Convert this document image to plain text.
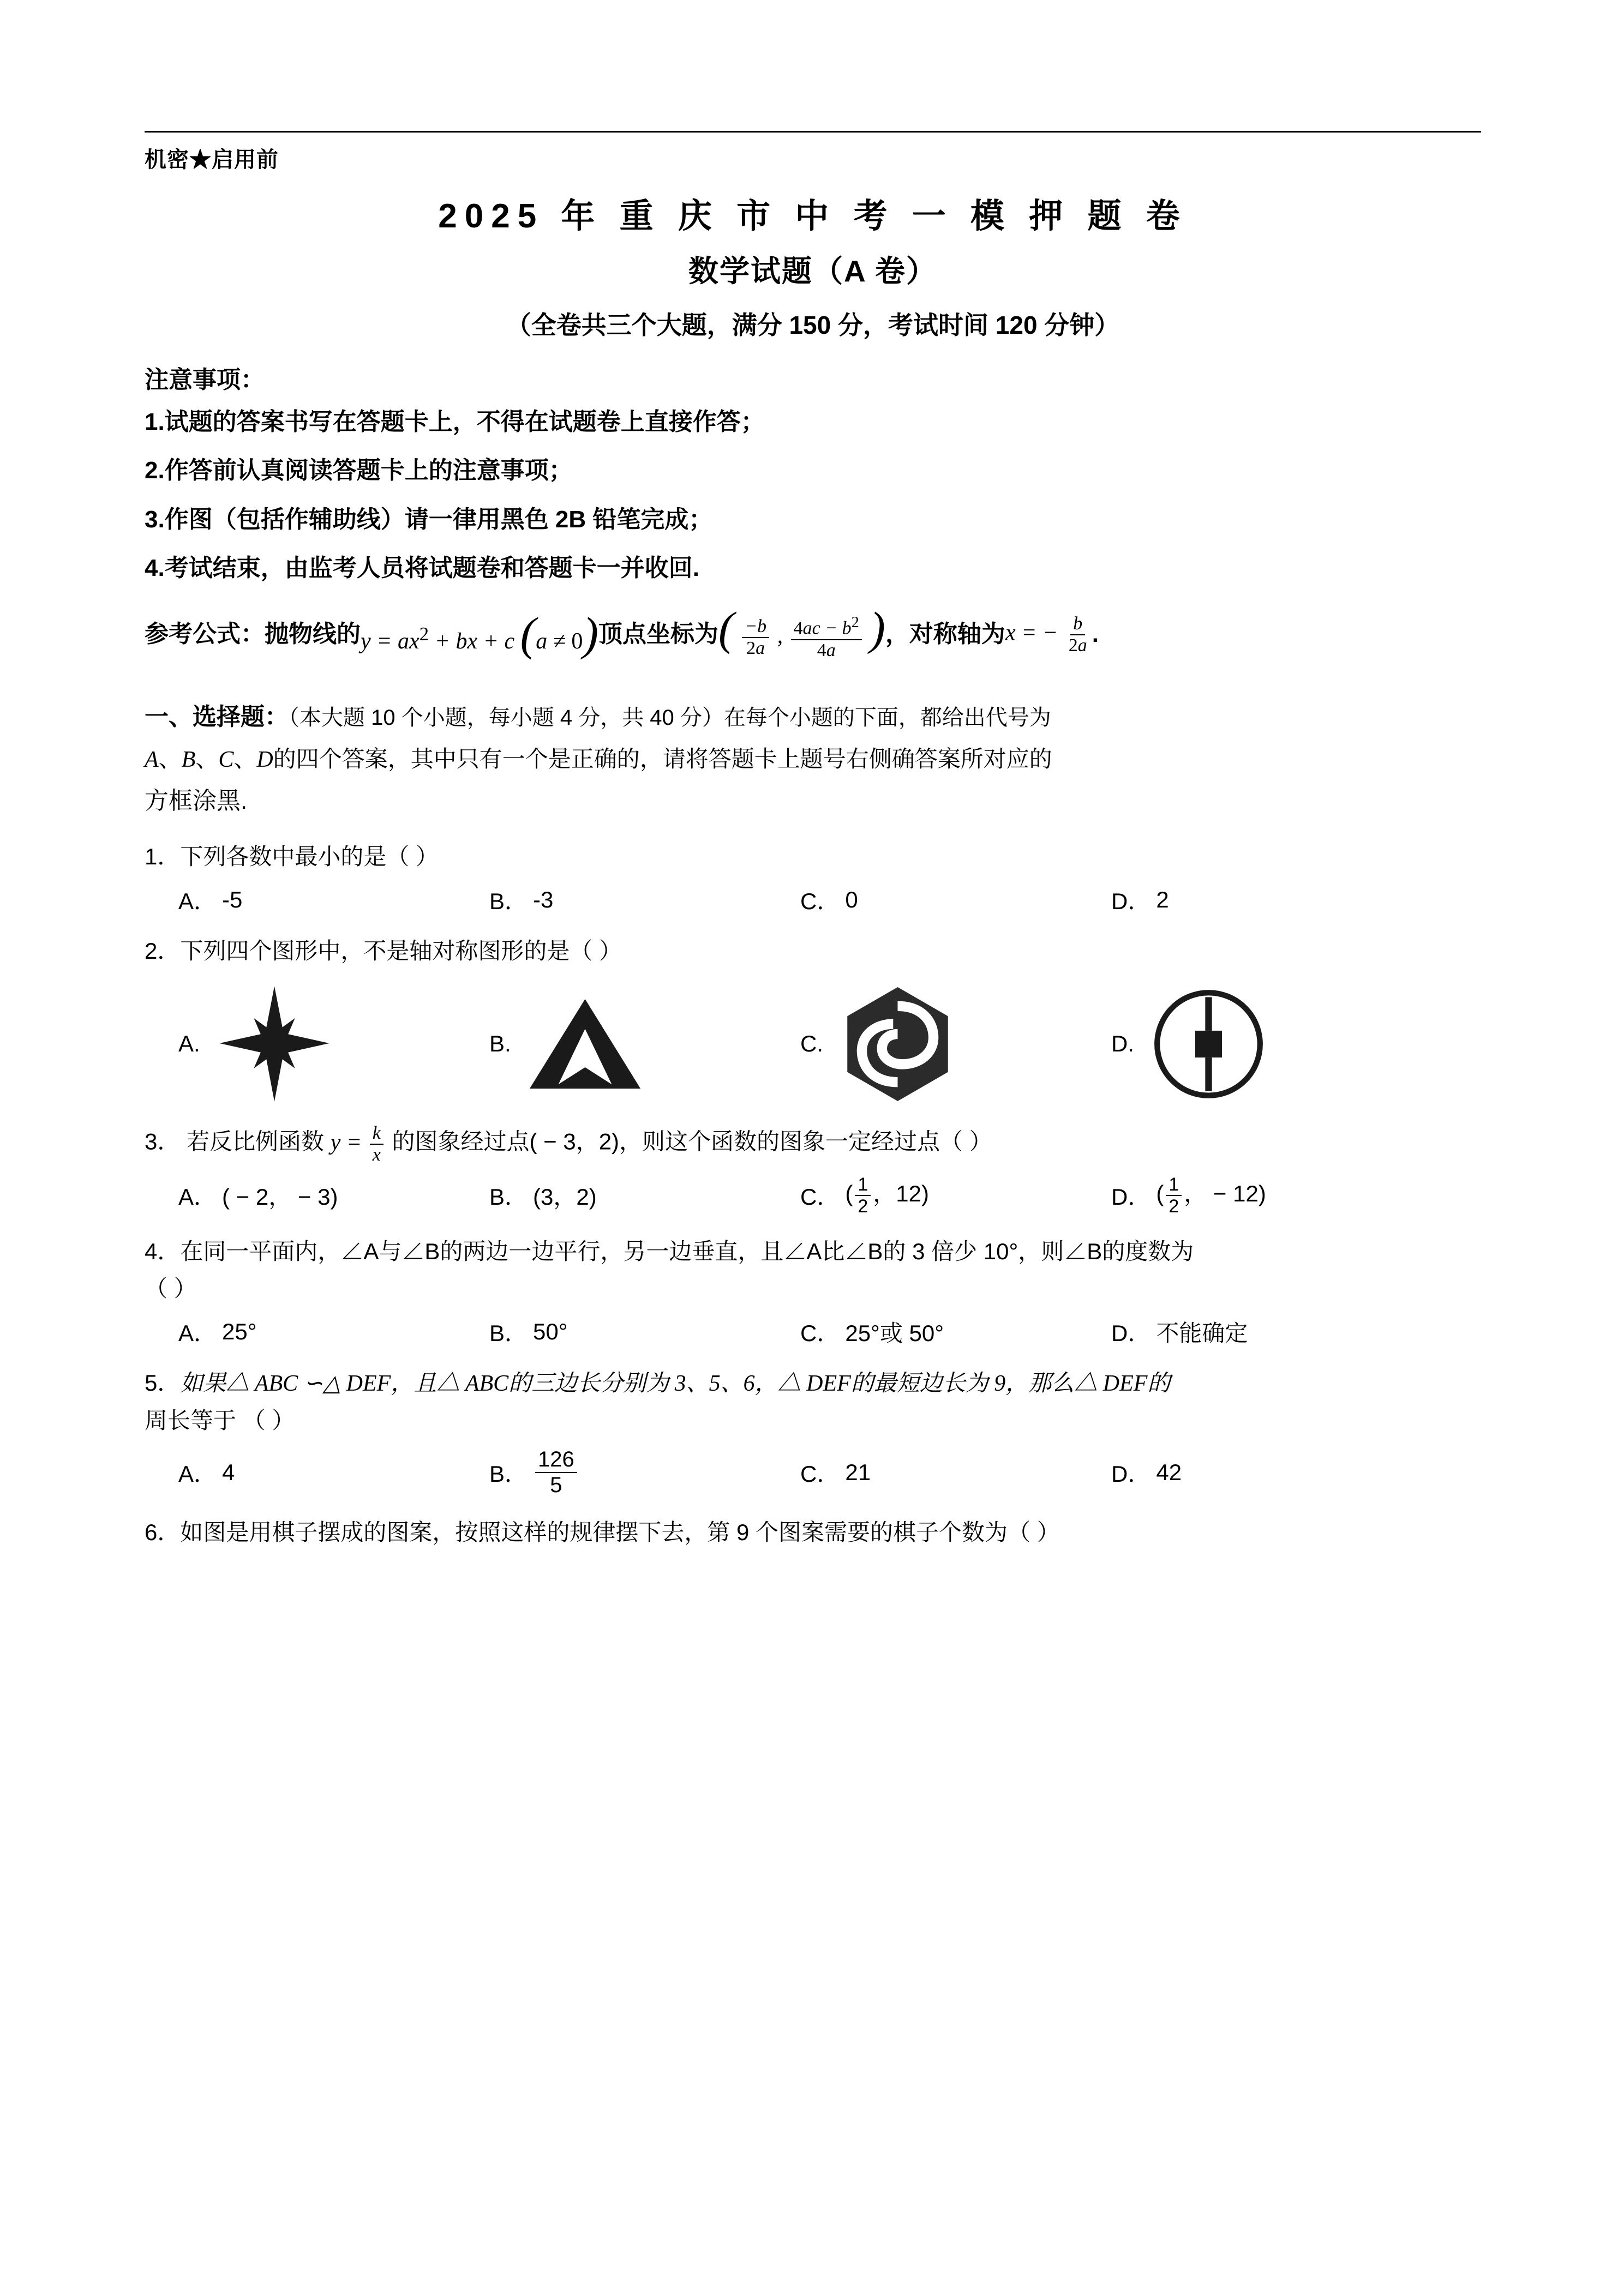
机密★启用前
2025 年 重 庆 市 中 考 一 模 押 题 卷
数学试题（A 卷）
（全卷共三个大题，满分 150 分，考试时间 120 分钟）
注意事项：
1.试题的答案书写在答题卡上，不得在试题卷上直接作答；
2.作答前认真阅读答题卡上的注意事项；
3.作图（包括作辅助线）请一律用黑色 2B 铅笔完成；
4.考试结束，由监考人员将试题卷和答题卡一并收回.
参考公式：抛物线的 $y = ax^2$ + bx + c (a ≠ 0) 顶点坐标为 ( $\frac{-b}{2a}$ , $\frac{4ac - b^2}{4a}$ ) ，对称轴为 x = − $\frac{b}{2a}$ .
一、选择题：（本大题 10 个小题，每小题 4 分，共 40 分）在每个小题的下面，都给出代号为
A、B、C、D的四个答案，其中只有一个是正确的，请将答题卡上题号右侧确答案所对应的
方框涂黑.
1．下列各数中最小的是（ ）
A． -5	B． -3	C． 0	D． 2
2．下列四个图形中，不是轴对称图形的是（ ）
A.	B.	C.	D.
3． 若反比例函数 $y = \frac{k}{x}$ 的图象经过点( − 3，2)，则这个函数的图象一定经过点（ ）
A． ( − 2， − 3)	B． (3，2)	C． ( $\frac{1}{2}$ ，12)	D． ( $\frac{1}{2}$ ， − 12)
4．在同一平面内，∠A与∠B的两边一边平行，另一边垂直，且∠A比∠B的 3 倍少 10°，则∠B的度数为
（ ）
A． 25°	B． 50°	C． 25°或 50°	D． 不能确定
5．如果△ ABC ∽△ DEF，且△ ABC的三边长分别为 3、5、6，△ DEF的最短边长为 9，那么△ DEF的
周长等于 （ ）
A． 4	B． $\frac{126}{5}$	C． 21	D． 42
6．如图是用棋子摆成的图案，按照这样的规律摆下去，第 9 个图案需要的棋子个数为（ ）
